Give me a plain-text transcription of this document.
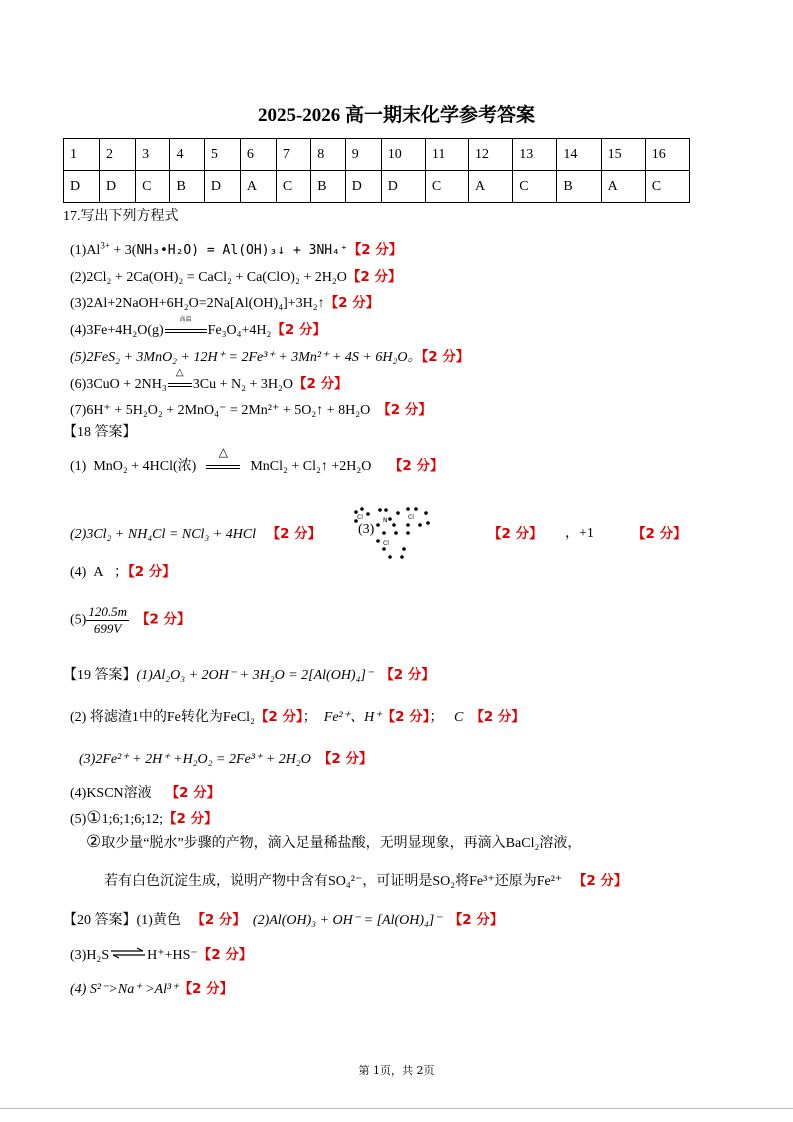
2025-2026 高一期末化学参考答案
1	2	3	4	5	6	7	8	9	10	11	12	13	14	15	16
D	D	C	B	D	A	C	B	D	D	C	A	C	B	A	C
17.写出下列方程式
$(1)Al^{3+}$ + 3(NH₃•H₂O) = Al(OH)₃↓ + 3NH₄⁺【2 分】
(2)2Cl₂ + 2Ca(OH)₂ = CaCl₂ + Ca(ClO)₂ + 2H₂O【2 分】
(3)2Al+2NaOH+6H₂O=2Na[Al(OH)₄]+3H₂↑【2 分】
(4)3Fe+4H₂O(g)
高温
Fe₃O₄+4H₂【2 分】
(5)2FeS₂ + 3MnO₂ + 12H⁺ = 2Fe³⁺ + 3Mn²⁺ + 4S + 6H₂O。【2 分】
(6)3CuO + 2NH₃
△
3Cu + N₂ + 3H₂O【2 分】
(7)6H⁺ + 5H₂O₂ + 2MnO₄⁻ = 2Mn²⁺ + 5O₂↑ + 8H₂O 【2 分】
【18 答案】
(1) MnO₂ + 4HCl(浓)
△
MnCl₂ + Cl₂↑ +2H₂O 【2 分】
(2)3Cl₂ + NH₄Cl = NCl₃ + 4HCl 【2 分】	(3)
Cl	N	Cl
Cl
【2 分】 ，+1	【2 分】
(4) A ；【2 分】
$(5) \frac{120.5m}{699V}$ 【2 分】
【19 答案】(1)Al₂O₃ + 2OH⁻ + 3H₂O = 2[Al(OH)₄]⁻ 【2 分】
(2) 将滤渣1中的Fe转化为FeCl₂【2 分】； Fe²⁺、H⁺【2 分】； C 【2 分】
(3)2Fe²⁺ + 2H⁺ +H₂O₂ = 2Fe³⁺ + 2H₂O 【2 分】
(4)KSCN溶液 【2 分】
(5)①1;6;1;6;12;【2 分】
②取少量“脱水”步骤的产物，滴入足量稀盐酸，无明显现象，再滴入BaCl₂溶液，
若有白色沉淀生成，说明产物中含有SO₄²⁻，可证明是SO₂将Fe³⁺还原为Fe²⁺ 【2 分】
【20 答案】(1)黄色 【2 分】 (2)Al(OH)₃ + OH⁻ = [Al(OH)₄]⁻ 【2 分】
(3)H₂S⇌H⁺+HS⁻【2 分】
(4) S²⁻>Na⁺ >Al³⁺【2 分】
第 1页，共 2页
